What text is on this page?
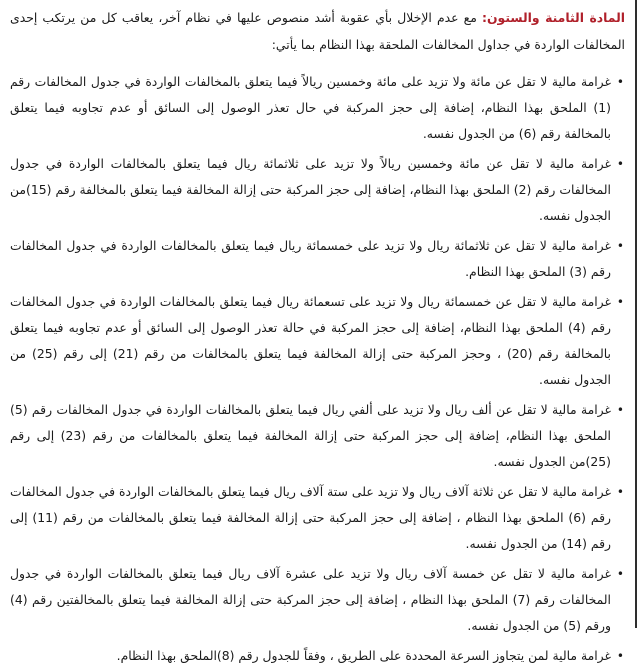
المادة الثامنة والستون: مع عدم الإخلال بأي عقوبة أشد منصوص عليها في نظام آخر، يعاقب كل من يرتكب إحدى المخالفات الواردة في جداول المخالفات الملحقة بهذا النظام بما يأتي:

•
غرامة مالية لا تقل عن مائة ولا تزيد على مائة وخمسين ريالاً فيما يتعلق بالمخالفات الواردة في جدول المخالفات رقم (1) الملحق بهذا النظام، إضافة إلى حجز المركبة في حال تعذر الوصول إلى السائق أو عدم تجاوبه فيما يتعلق بالمخالفة رقم (6) من الجدول نفسه.
•
غرامة مالية لا تقل عن مائة وخمسين ريالاً ولا تزيد على ثلاثمائة ريال فيما يتعلق بالمخالفات الواردة في جدول المخالفات رقم (2) الملحق بهذا النظام، إضافة إلى حجز المركبة حتى إزالة المخالفة فيما يتعلق بالمخالفة رقم (15)من الجدول نفسه.
•
غرامة مالية لا تقل عن ثلاثمائة ريال ولا تزيد على خمسمائة ريال فيما يتعلق بالمخالفات الواردة في جدول المخالفات رقم (3) الملحق بهذا النظام.
•
غرامة مالية لا تقل عن خمسمائة ريال ولا تزيد على تسعمائة ريال فيما يتعلق بالمخالفات الواردة في جدول المخالفات رقم (4) الملحق بهذا النظام، إضافة إلى حجز المركبة في حالة تعذر الوصول إلى السائق أو عدم تجاوبه فيما يتعلق بالمخالفة رقم (20) ، وحجز المركبة حتى إزالة المخالفة فيما يتعلق بالمخالفات من رقم (21) إلى رقم (25) من الجدول نفسه.
•
غرامة مالية لا تقل عن ألف ريال ولا تزيد على ألفي ريال فيما يتعلق بالمخالفات الواردة في جدول المخالفات رقم (5) الملحق بهذا النظام، إضافة إلى حجز المركبة حتى إزالة المخالفة فيما يتعلق بالمخالفات من رقم (23) إلى رقم (25)من الجدول نفسه.
•
غرامة مالية لا تقل عن ثلاثة آلاف ريال ولا تزيد على ستة آلاف ريال فيما يتعلق بالمخالفات الواردة في جدول المخالفات رقم (6) الملحق بهذا النظام ، إضافة إلى حجز المركبة حتى إزالة المخالفة فيما يتعلق بالمخالفات من رقم (11) إلى رقم (14) من الجدول نفسه.
•
غرامة مالية لا تقل عن خمسة آلاف ريال ولا تزيد على عشرة آلاف ريال فيما يتعلق بالمخالفات الواردة في جدول المخالفات رقم (7) الملحق بهذا النظام ، إضافة إلى حجز المركبة حتى إزالة المخالفة فيما يتعلق بالمخالفتين رقم (4) ورقم (5) من الجدول نفسه.
•
غرامة مالية لمن يتجاوز السرعة المحددة على الطريق ، وفقاً للجدول رقم (8)الملحق بهذا النظام.
